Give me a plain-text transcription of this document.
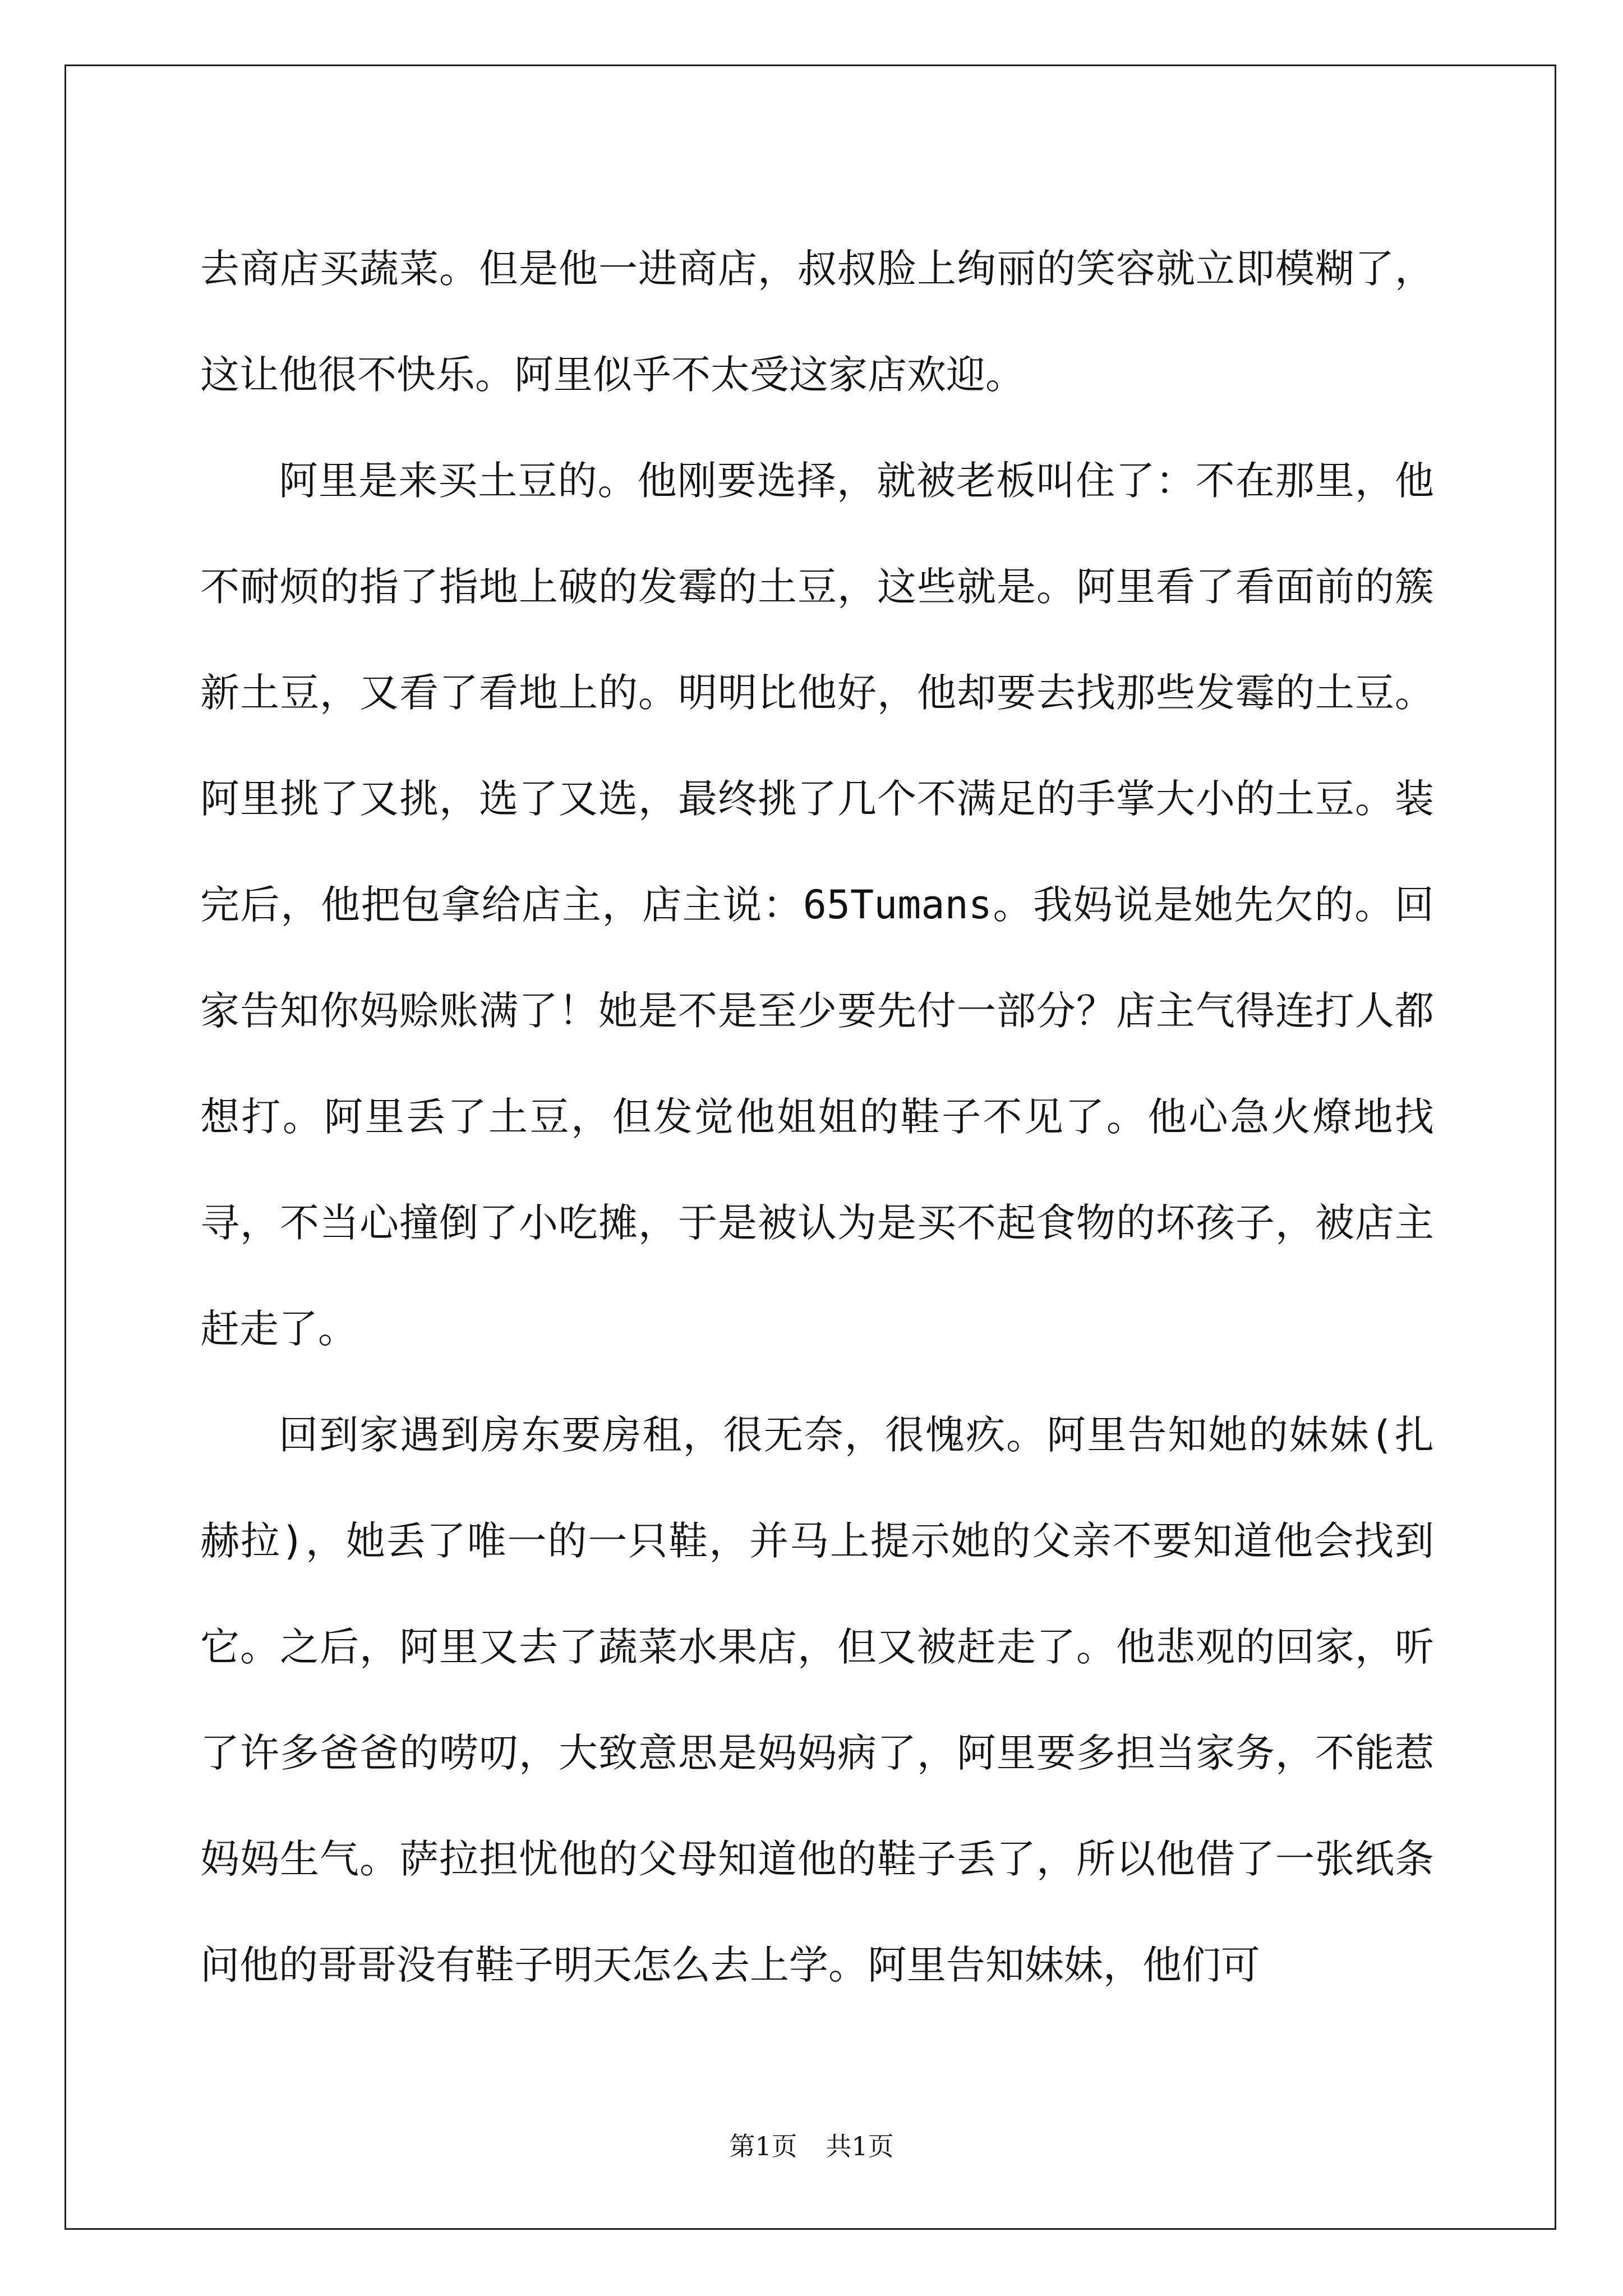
去商店买蔬菜。但是他一进商店，叔叔脸上绚丽的笑容就立即模糊了，这让他很不快乐。阿里似乎不太受这家店欢迎。

阿里是来买土豆的。他刚要选择，就被老板叫住了：不在那里，他不耐烦的指了指地上破的发霉的土豆，这些就是。阿里看了看面前的簇新土豆，又看了看地上的。明明比他好，他却要去找那些发霉的土豆。阿里挑了又挑，选了又选，最终挑了几个不满足的手掌大小的土豆。装完后，他把包拿给店主，店主说：65Tumans。我妈说是她先欠的。回家告知你妈赊账满了！她是不是至少要先付一部分？店主气得连打人都想打。阿里丢了土豆，但发觉他姐姐的鞋子不见了。他心急火燎地找寻，不当心撞倒了小吃摊，于是被认为是买不起食物的坏孩子，被店主赶走了。

回到家遇到房东要房租，很无奈，很愧疚。阿里告知她的妹妹(扎赫拉)，她丢了唯一的一只鞋，并马上提示她的父亲不要知道他会找到它。之后，阿里又去了蔬菜水果店，但又被赶走了。他悲观的回家，听了许多爸爸的唠叨，大致意思是妈妈病了，阿里要多担当家务，不能惹妈妈生气。萨拉担忧他的父母知道他的鞋子丢了，所以他借了一张纸条问他的哥哥没有鞋子明天怎么去上学。阿里告知妹妹，他们可

第1页 共1页
